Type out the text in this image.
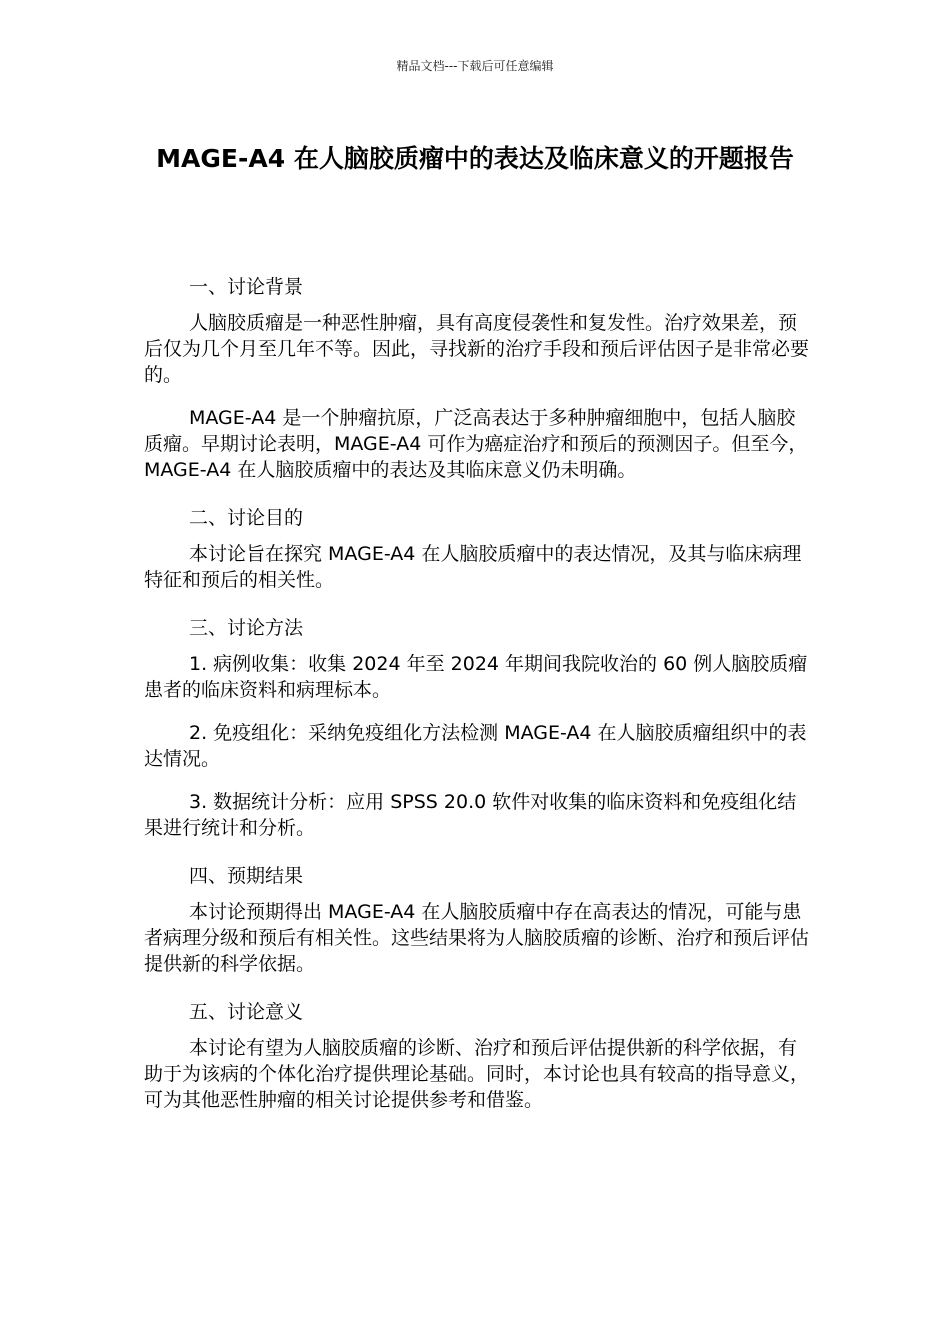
精品文档---下载后可任意编辑
MAGE-A4 在人脑胶质瘤中的表达及临床意义的开题报告

一、讨论背景

人脑胶质瘤是一种恶性肿瘤，具有高度侵袭性和复发性。治疗效果差，预后仅为几个月至几年不等。因此，寻找新的治疗手段和预后评估因子是非常必要的。

MAGE-A4 是一个肿瘤抗原，广泛高表达于多种肿瘤细胞中，包括人脑胶质瘤。早期讨论表明，MAGE-A4 可作为癌症治疗和预后的预测因子。但至今，MAGE-A4 在人脑胶质瘤中的表达及其临床意义仍未明确。

二、讨论目的

本讨论旨在探究 MAGE-A4 在人脑胶质瘤中的表达情况，及其与临床病理特征和预后的相关性。

三、讨论方法

1. 病例收集：收集 2024 年至 2024 年期间我院收治的 60 例人脑胶质瘤患者的临床资料和病理标本。

2. 免疫组化：采纳免疫组化方法检测 MAGE-A4 在人脑胶质瘤组织中的表达情况。

3. 数据统计分析：应用 SPSS 20.0 软件对收集的临床资料和免疫组化结果进行统计和分析。

四、预期结果

本讨论预期得出 MAGE-A4 在人脑胶质瘤中存在高表达的情况，可能与患者病理分级和预后有相关性。这些结果将为人脑胶质瘤的诊断、治疗和预后评估提供新的科学依据。

五、讨论意义

本讨论有望为人脑胶质瘤的诊断、治疗和预后评估提供新的科学依据，有助于为该病的个体化治疗提供理论基础。同时，本讨论也具有较高的指导意义，可为其他恶性肿瘤的相关讨论提供参考和借鉴。
